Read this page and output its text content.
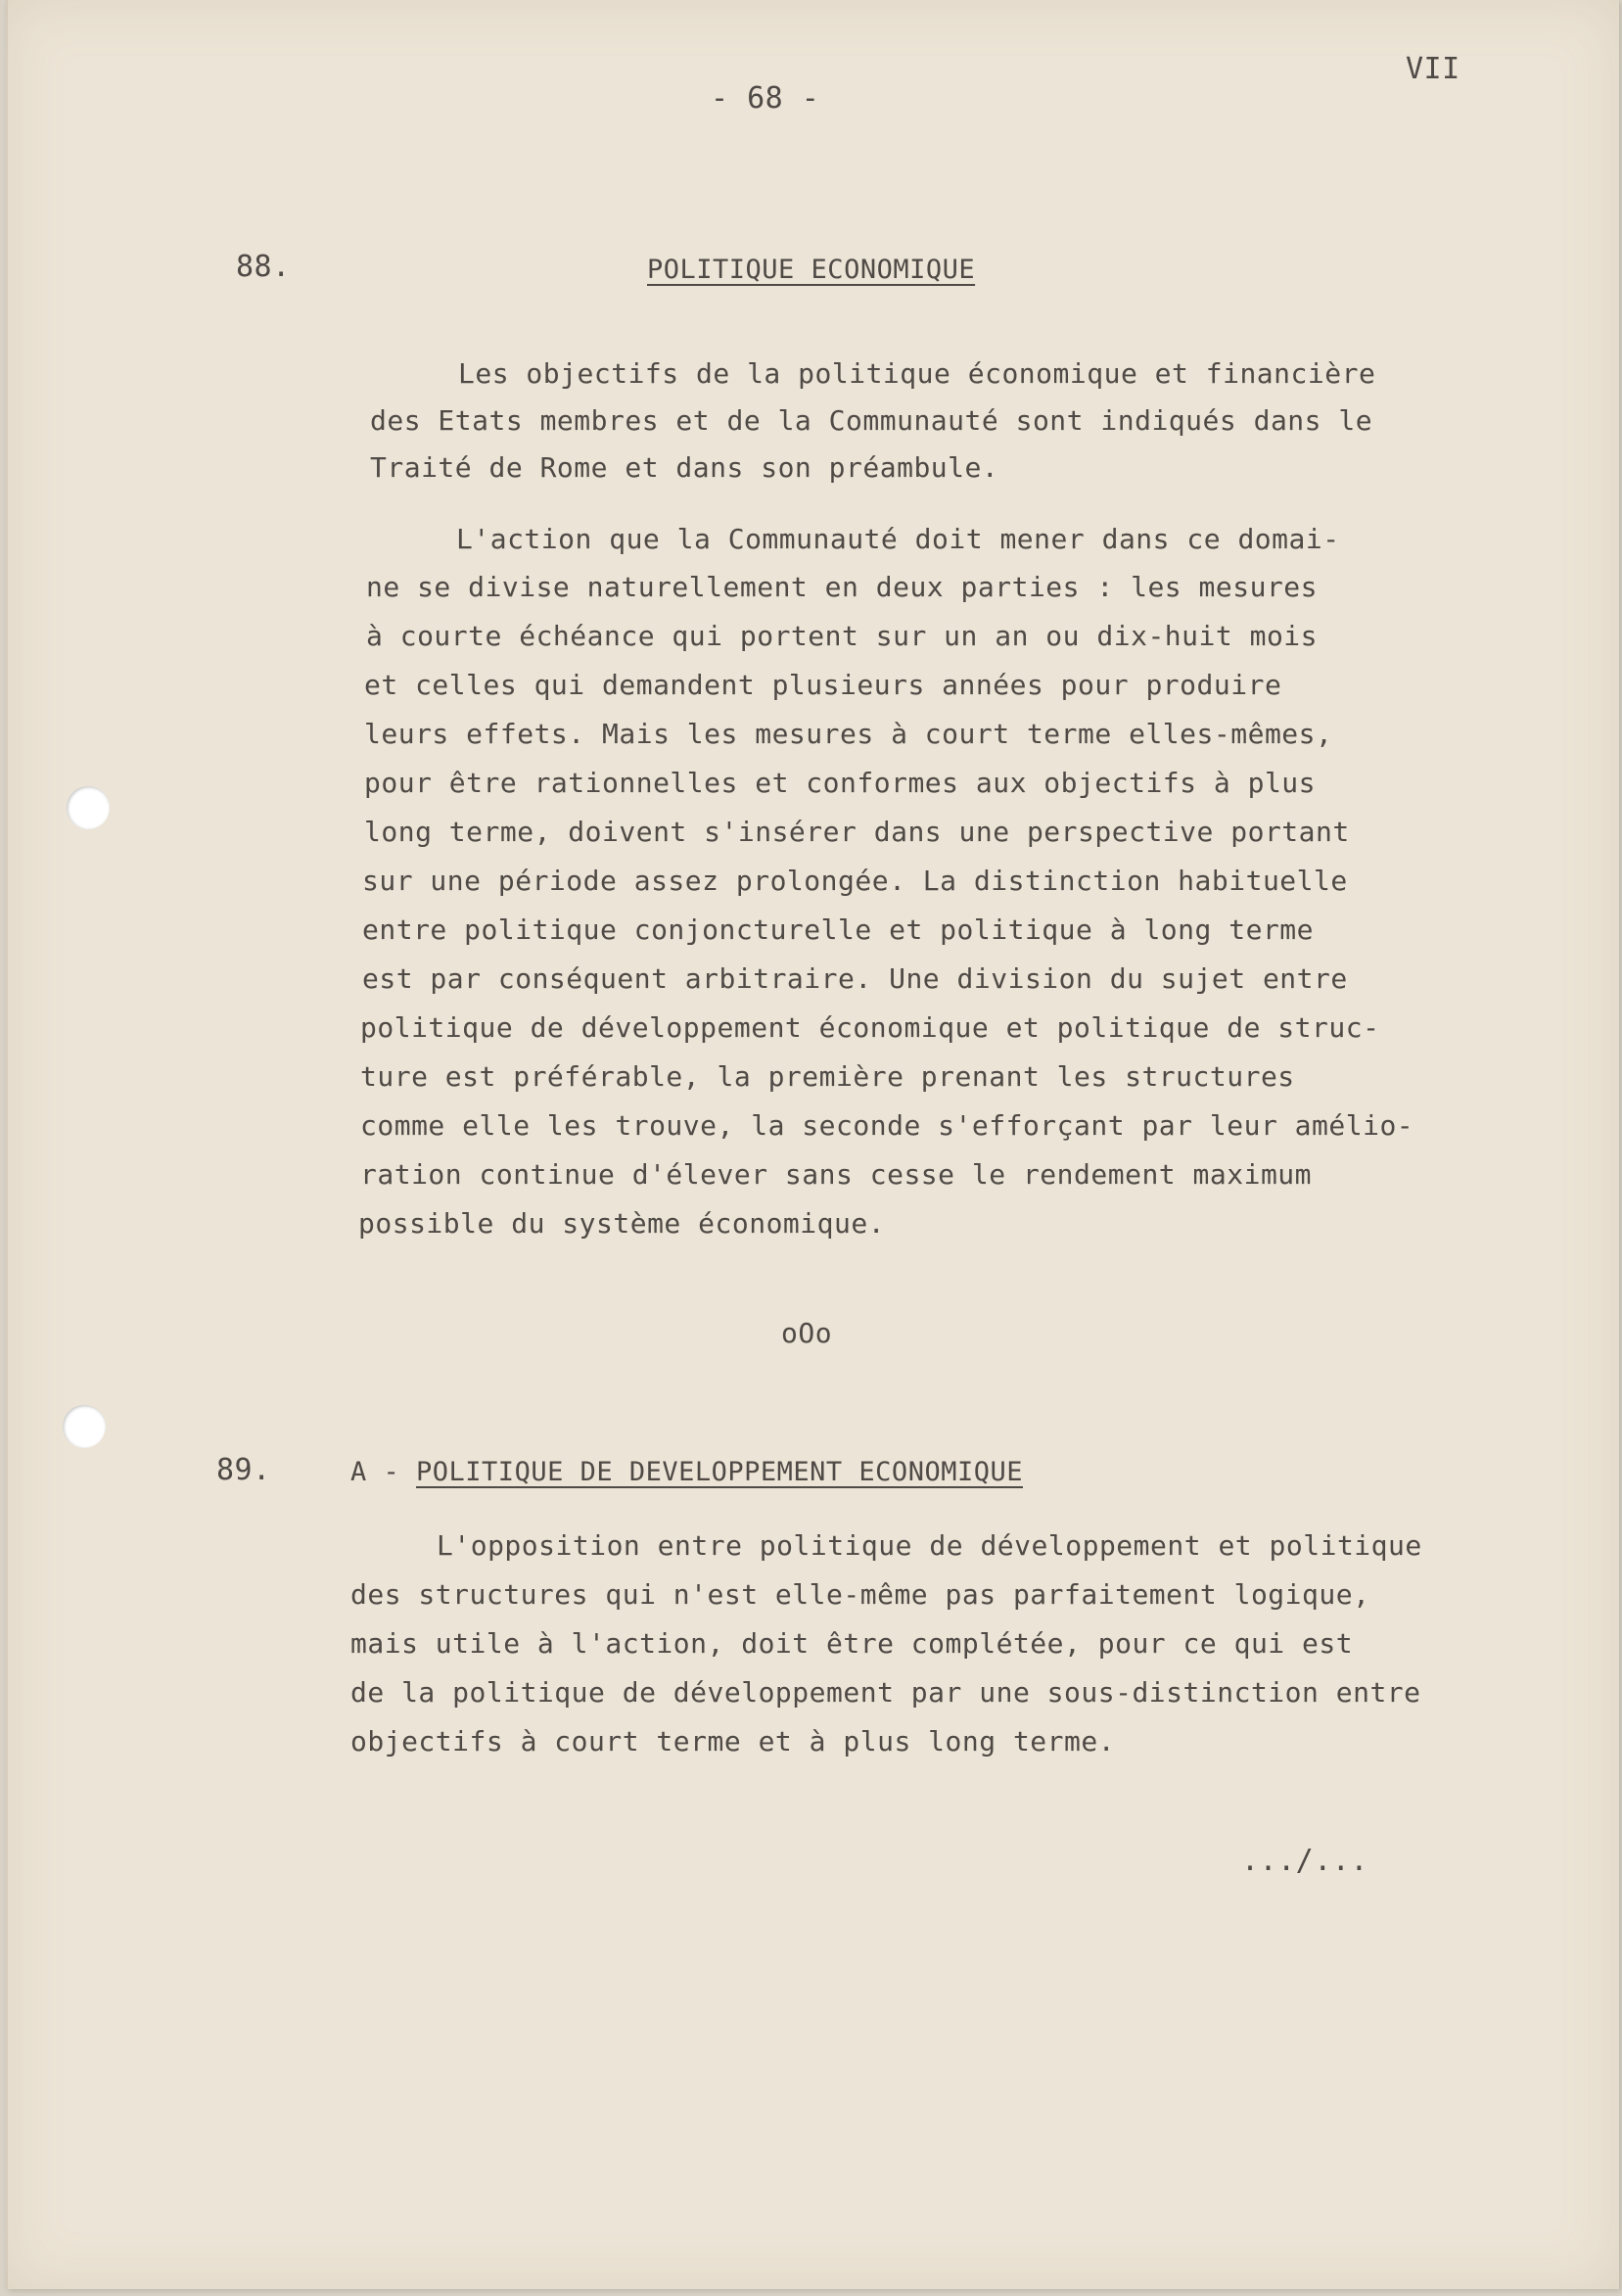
- 68 -
VII
88.	POLITIQUE ECONOMIQUE
Les objectifs de la politique économique et financière
des Etats membres et de la Communauté sont indiqués dans le
Traité de Rome et dans son préambule.
L'action que la Communauté doit mener dans ce domai-
ne se divise naturellement en deux parties : les mesures
à courte échéance qui portent sur un an ou dix-huit mois
et celles qui demandent plusieurs années pour produire
leurs effets. Mais les mesures à court terme elles-mêmes,
pour être rationnelles et conformes aux objectifs à plus
long terme, doivent s'insérer dans une perspective portant
sur une période assez prolongée. La distinction habituelle
entre politique conjoncturelle et politique à long terme
est par conséquent arbitraire. Une division du sujet entre
politique de développement économique et politique de struc-
ture est préférable, la première prenant les structures
comme elle les trouve, la seconde s'efforçant par leur amélio-
ration continue d'élever sans cesse le rendement maximum
possible du système économique.
oOo
89.	A - POLITIQUE DE DEVELOPPEMENT ECONOMIQUE
L'opposition entre politique de développement et politique
des structures qui n'est elle-même pas parfaitement logique,
mais utile à l'action, doit être complétée, pour ce qui est
de la politique de développement par une sous-distinction entre
objectifs à court terme et à plus long terme.
.../...
